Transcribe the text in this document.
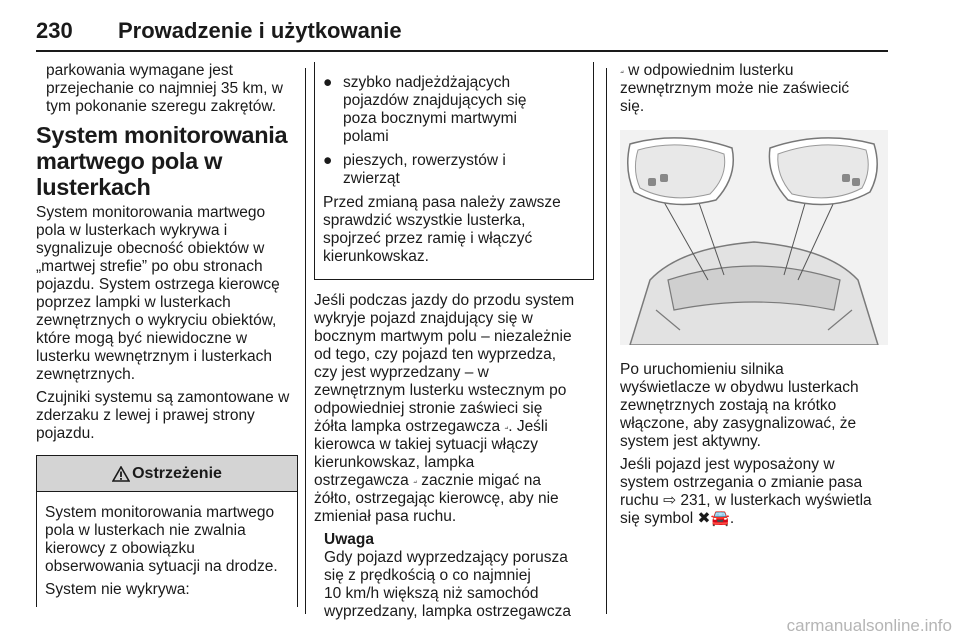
230 Prowadzenie i użytkowanie

parkowania wymagane jest
przejechanie co najmniej 35 km, w
tym pokonanie szeregu zakrętów.

System monitorowania
martwego pola w lusterkach

System monitorowania martwego
pola w lusterkach wykrywa i
sygnalizuje obecność obiektów w
„martwej strefie” po obu stronach
pojazdu. System ostrzega kierowcę
poprzez lampki w lusterkach
zewnętrznych o wykryciu obiektów,
które mogą być niewidoczne w
lusterku wewnętrznym i lusterkach
zewnętrznych.

Czujniki systemu są zamontowane w
zderzaku z lewej i prawej strony
pojazdu.

Ostrzeżenie

System monitorowania martwego
pola w lusterkach nie zwalnia
kierowcy z obowiązku
obserwowania sytuacji na drodze.

System nie wykrywa:

● szybko nadjeżdżających
pojazdów znajdujących się
poza bocznymi martwymi
polami
● pieszych, rowerzystów i
zwierząt

Przed zmianą pasa należy zawsze
sprawdzić wszystkie lusterka,
spojrzeć przez ramię i włączyć
kierunkowskaz.

Jeśli podczas jazdy do przodu system
wykryje pojazd znajdujący się w
bocznym martwym polu – niezależnie
od tego, czy pojazd ten wyprzedza,
czy jest wyprzedzany – w
zewnętrznym lusterku wstecznym po
odpowiedniej stronie zaświeci się
żółta lampka ostrzegawcza ⟓. Jeśli
kierowca w takiej sytuacji włączy
kierunkowskaz, lampka
ostrzegawcza ⟓ zacznie migać na
żółto, ostrzegając kierowcę, aby nie
zmieniał pasa ruchu.

Uwaga

Gdy pojazd wyprzedzający porusza
się z prędkością o co najmniej
10 km/h większą niż samochód
wyprzedzany, lampka ostrzegawcza

⟓ w odpowiednim lusterku
zewnętrznym może nie zaświecić
się.

Po uruchomieniu silnika
wyświetlacze w obydwu lusterkach
zewnętrznych zostają na krótko
włączone, aby zasygnalizować, że
system jest aktywny.

Jeśli pojazd jest wyposażony w
system ostrzegania o zmianie pasa
ruchu ⇨ 231, w lusterkach wyświetla
się symbol ✖🚘.

carmanualsonline.info
